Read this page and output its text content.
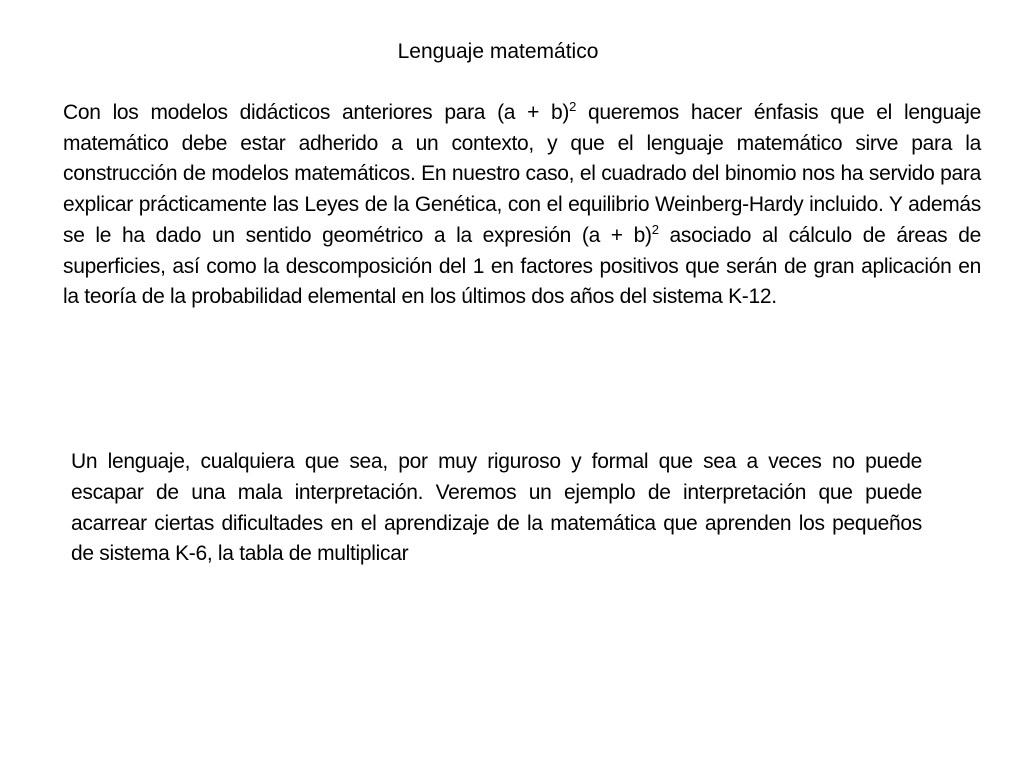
Lenguaje matemático

Con los modelos didácticos anteriores para $(a + b)^2$ queremos hacer énfasis que el lenguaje matemático debe estar adherido a un contexto, y que el lenguaje matemático sirve para la construcción de modelos matemáticos. En nuestro caso, el cuadrado del binomio nos ha servido para explicar prácticamente las Leyes de la Genética, con el equilibrio Weinberg-Hardy incluido. Y además se le ha dado un sentido geométrico a la expresión $(a + b)^2$ asociado al cálculo de áreas de superficies, así como la descomposición del 1 en factores positivos que serán de gran aplicación en la teoría de la probabilidad elemental en los últimos dos años del sistema K-12.

Un lenguaje, cualquiera que sea, por muy riguroso y formal que sea a veces no puede escapar de una mala interpretación. Veremos un ejemplo de interpretación que puede acarrear ciertas dificultades en el aprendizaje de la matemática que aprenden los pequeños de sistema K-6, la tabla de multiplicar
